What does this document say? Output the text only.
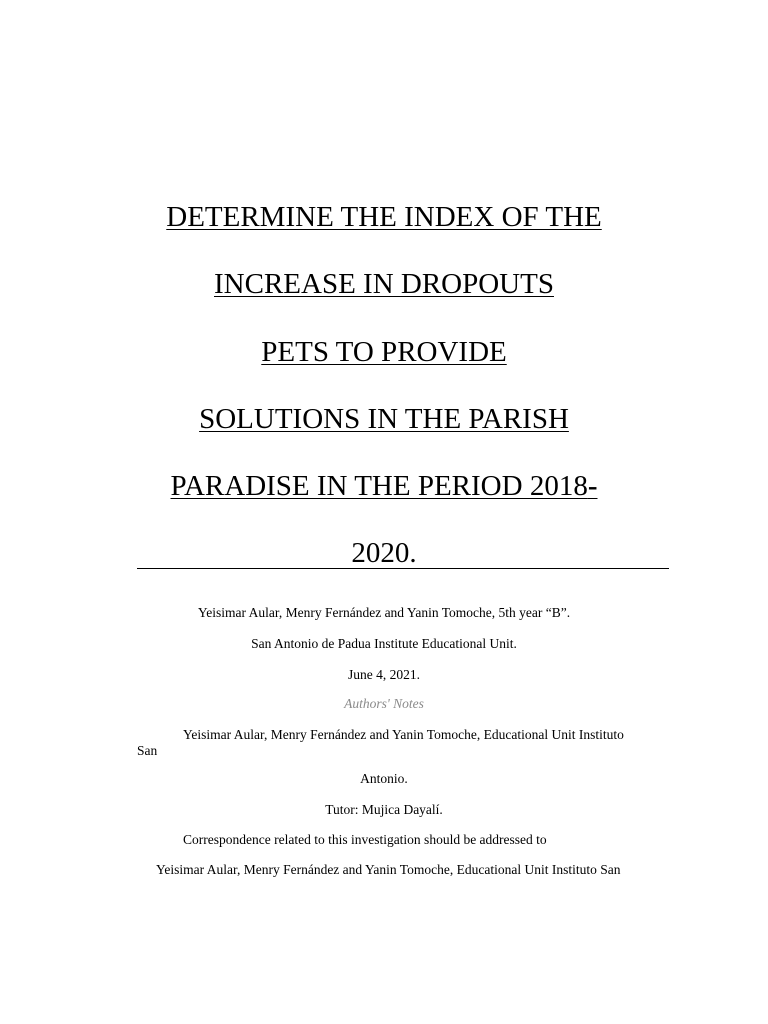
DETERMINE THE INDEX OF THE
INCREASE IN DROPOUTS
PETS TO PROVIDE
SOLUTIONS IN THE PARISH
PARADISE IN THE PERIOD 2018-
2020.
Yeisimar Aular, Menry Fernández and Yanin Tomoche, 5th year “B”.
San Antonio de Padua Institute Educational Unit.
June 4, 2021.
Authors' Notes
Yeisimar Aular, Menry Fernández and Yanin Tomoche, Educational Unit Instituto
San
Antonio.
Tutor: Mujica Dayalí.
Correspondence related to this investigation should be addressed to
Yeisimar Aular, Menry Fernández and Yanin Tomoche, Educational Unit Instituto San
